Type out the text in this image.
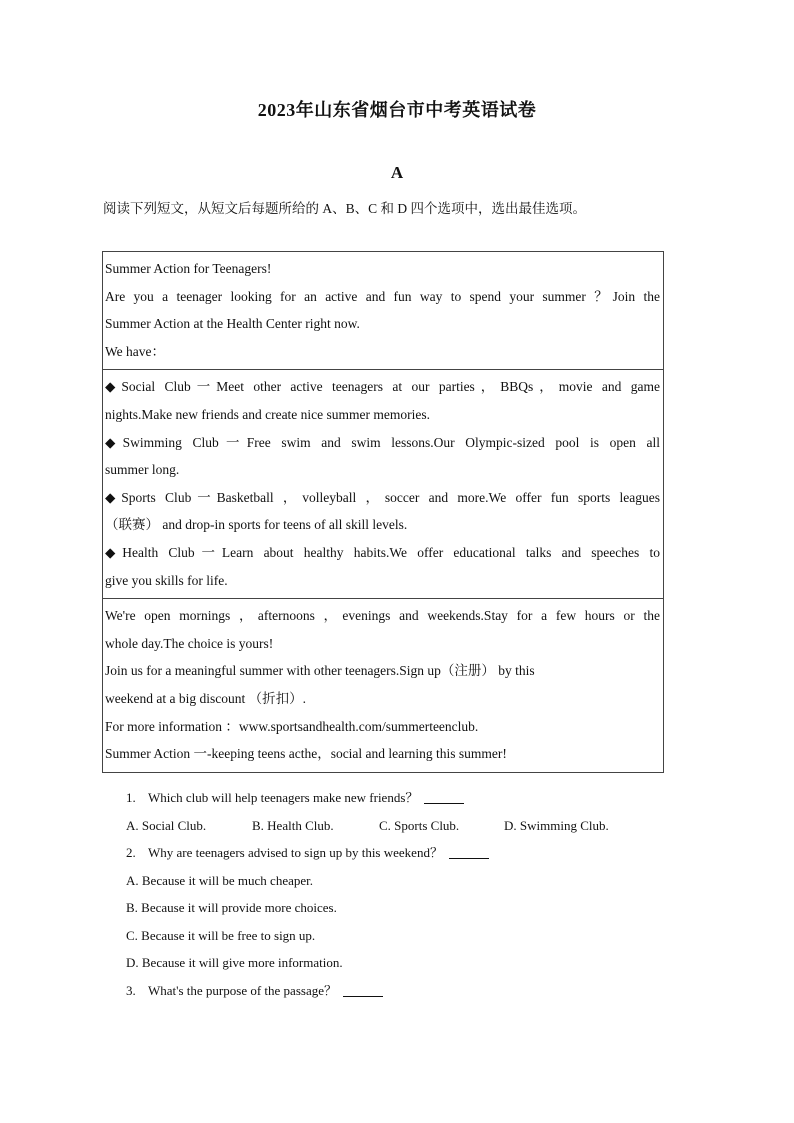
2023年山东省烟台市中考英语试卷
A
阅读下列短文，从短文后每题所给的 A、B、C 和 D 四个选项中，选出最佳选项。
Summer Action for Teenagers!
Are you a teenager looking for an active and fun way to spend your summer ？Join the
Summer Action at the Health Center right now.
We have：
◆Social Club一Meet other active teenagers at our parties，BBQs，movie and game
nights.Make new friends and create nice summer memories.
◆Swimming Club一Free swim and swim lessons.Our Olympic-sized pool is open all
summer long.
◆Sports Club一Basketball ，volleyball ，soccer and more.We offer fun sports leagues
（联赛） and drop-in sports for teens of all skill levels.
◆Health Club一Learn about healthy habits.We offer educational talks and speeches to
give you skills for life.
We're open mornings ，afternoons ，evenings and weekends.Stay for a few hours or the
whole day.The choice is yours!
Join us for a meaningful summer with other teenagers.Sign up（注册） by this
weekend at a big discount （折扣）.
For more information ：www.sportsandhealth.com/summerteenclub.
Summer Action 一-keeping teens acthe，social and learning this summer!
1. Which club will help teenagers make new friends？
A. Social Club.	B. Health Club.	C. Sports Club.	D. Swimming Club.
2. Why are teenagers advised to sign up by this weekend？
A. Because it will be much cheaper.
B. Because it will provide more choices.
C. Because it will be free to sign up.
D. Because it will give more information.
3. What's the purpose of the passage？
